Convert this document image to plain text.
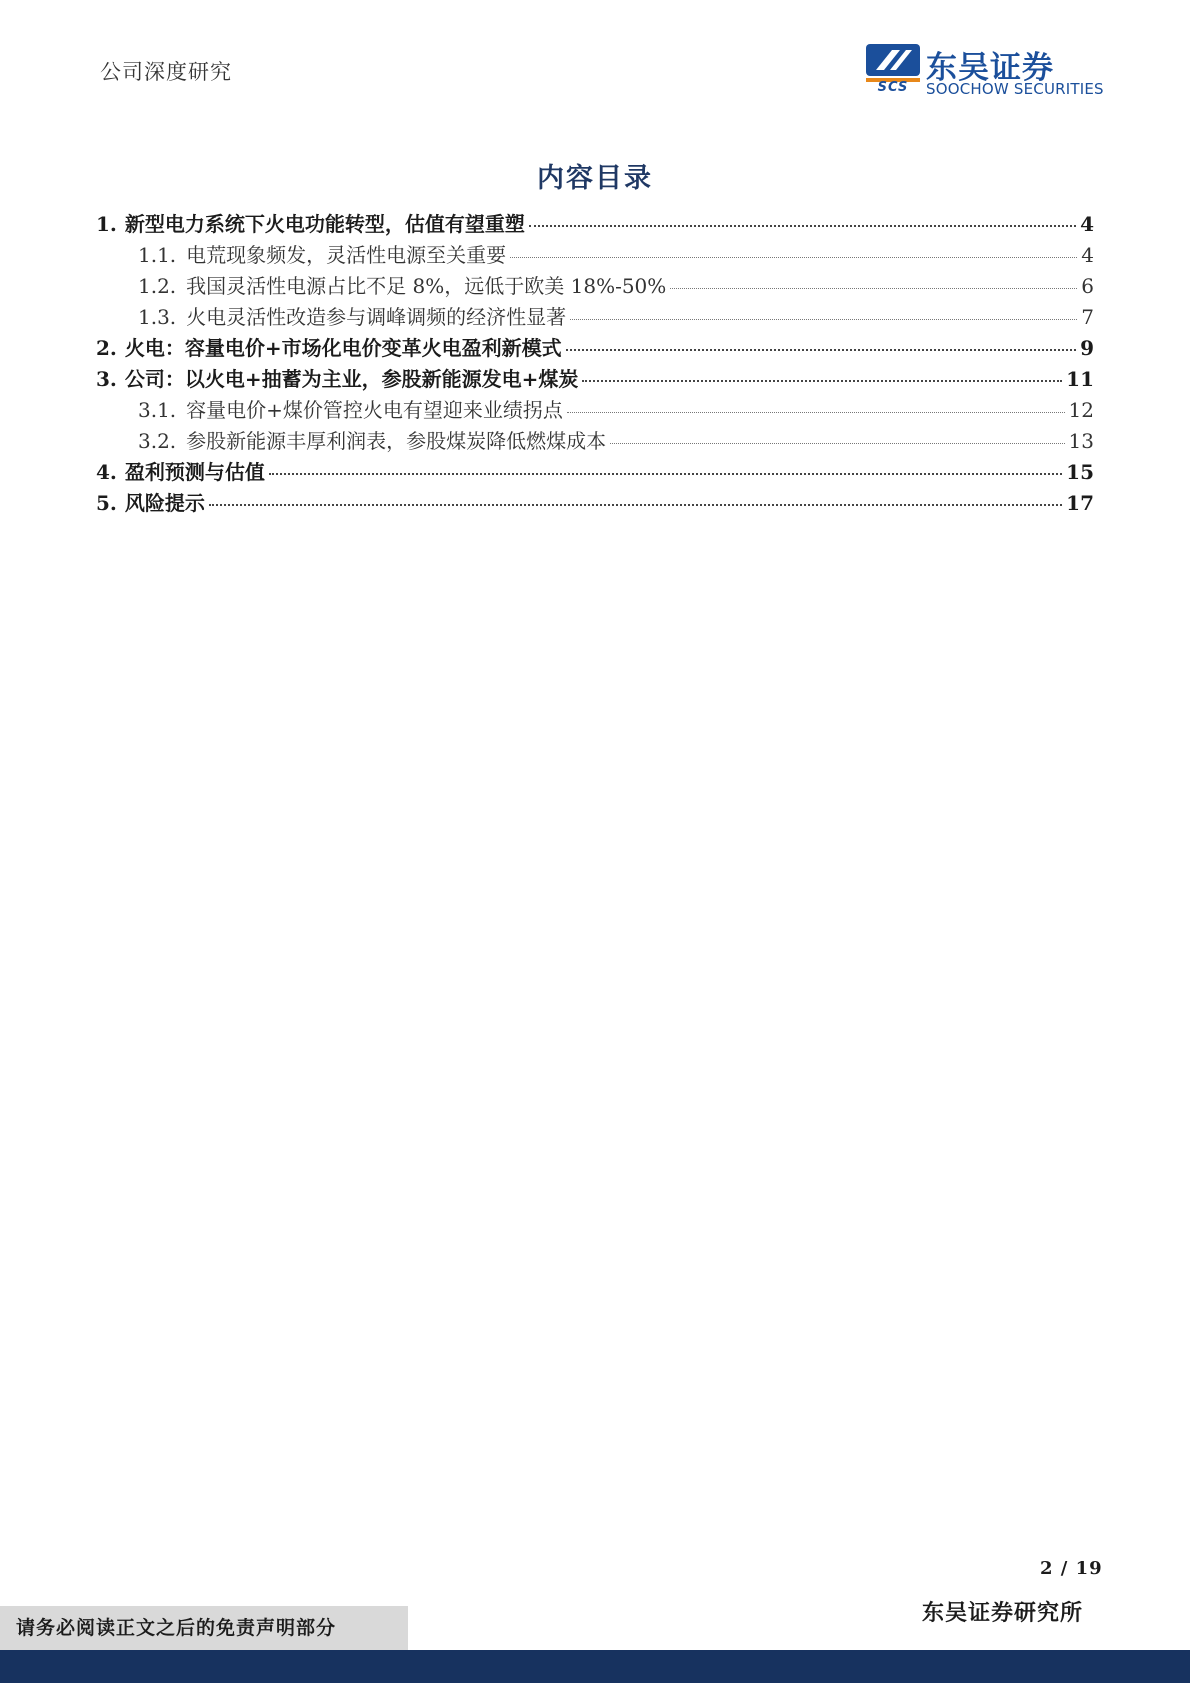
公司深度研究	东吴证券
SCS	SOOCHOW SECURITIES
内容目录
1. 新型电力系统下火电功能转型，估值有望重塑	4
1.1. 电荒现象频发，灵活性电源至关重要	4
1.2. 我国灵活性电源占比不足 8%，远低于欧美 18%-50%	6
1.3. 火电灵活性改造参与调峰调频的经济性显著	7
2. 火电：容量电价+市场化电价变革火电盈利新模式	9
3. 公司：以火电+抽蓄为主业，参股新能源发电+煤炭	11
3.1. 容量电价+煤价管控火电有望迎来业绩拐点	12
3.2. 参股新能源丰厚利润表，参股煤炭降低燃煤成本	13
4. 盈利预测与估值	15
5. 风险提示	17
2 / 19
东吴证券研究所
请务必阅读正文之后的免责声明部分
